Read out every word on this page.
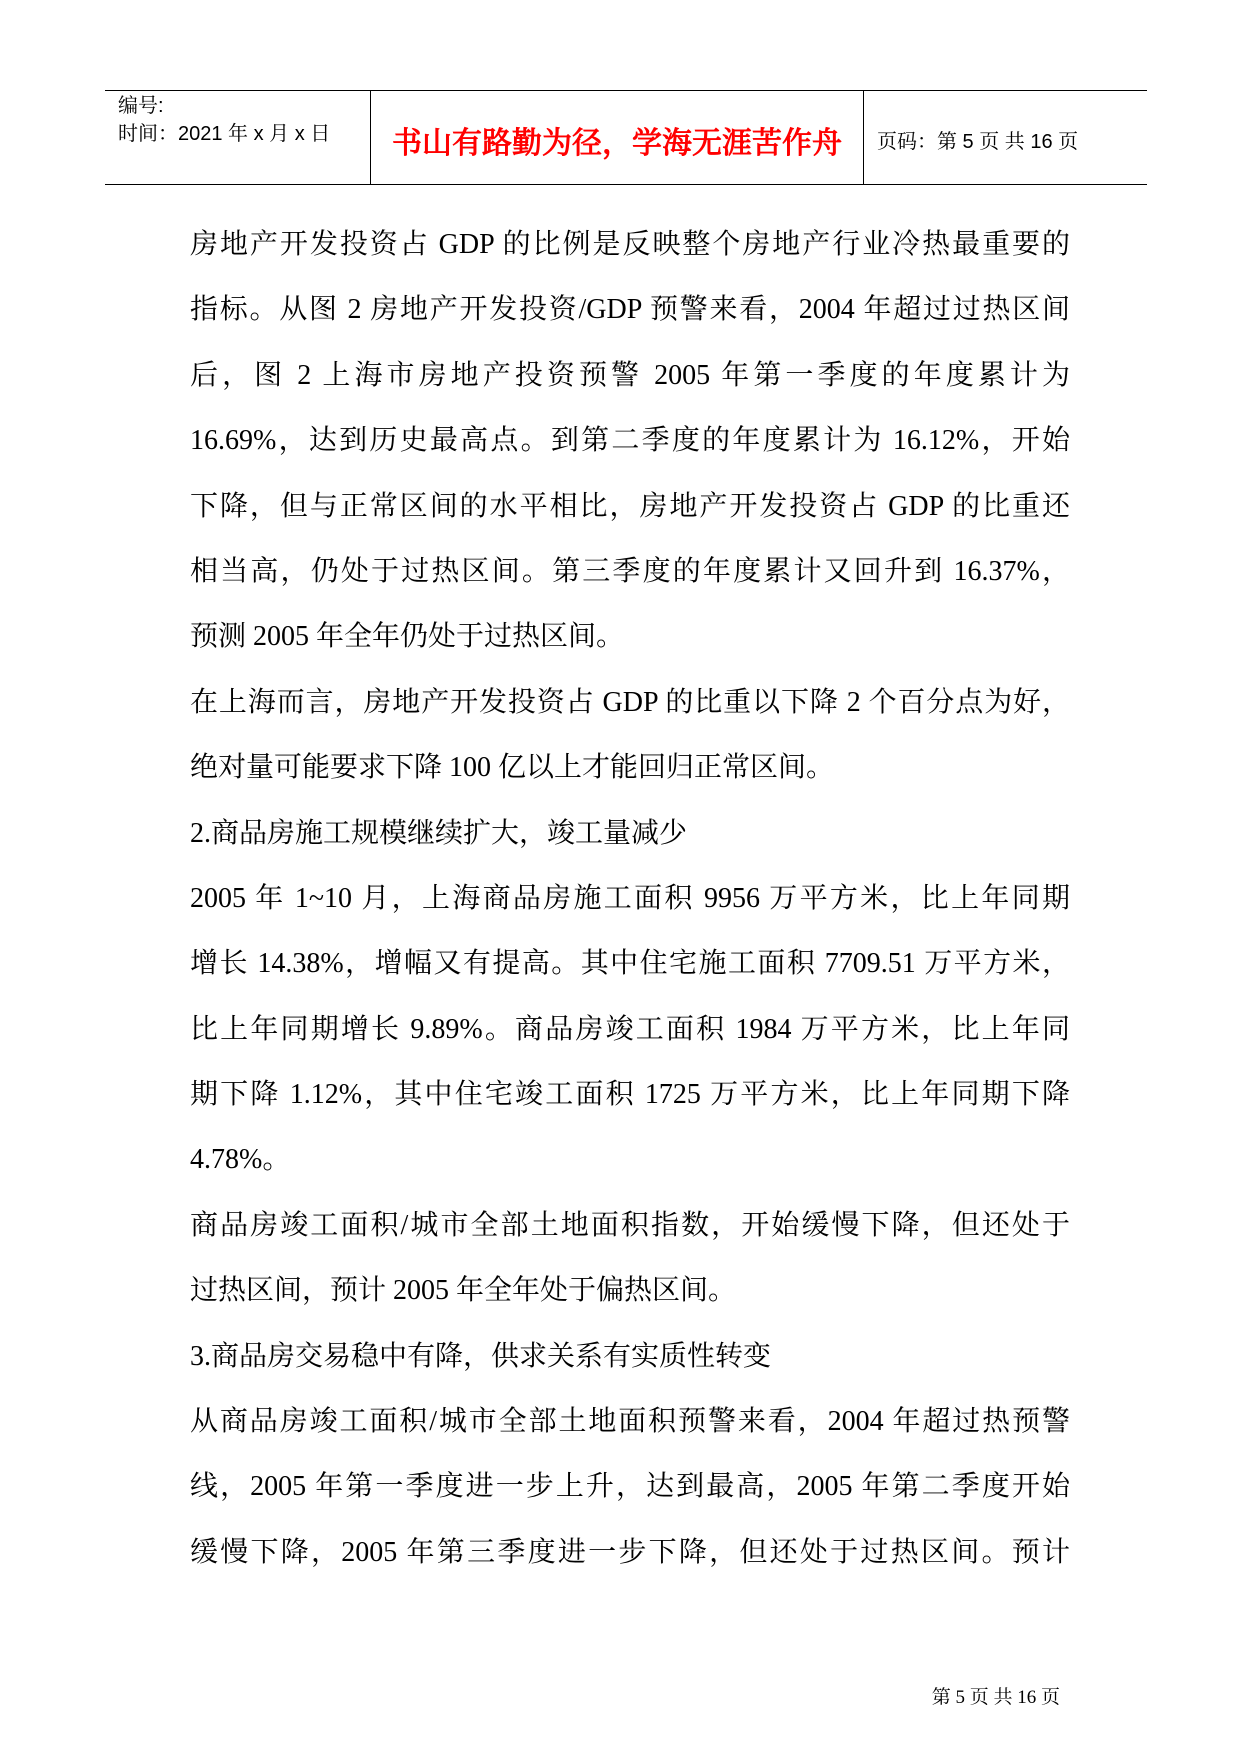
编号:
时间：2021 年 x 月 x 日 书山有路勤为径，学海无涯苦作舟 页码：第 5 页 共 16 页
房地产开发投资占 GDP 的比例是反映整个房地产行业冷热最重要的
指标。从图 2 房地产开发投资/GDP 预警来看，2004 年超过过热区间
后，图 2 上海市房地产投资预警 2005 年第一季度的年度累计为
16.69%，达到历史最高点。到第二季度的年度累计为 16.12%，开始
下降，但与正常区间的水平相比，房地产开发投资占 GDP 的比重还
相当高，仍处于过热区间。第三季度的年度累计又回升到 16.37%，
预测 2005 年全年仍处于过热区间。
在上海而言，房地产开发投资占 GDP 的比重以下降 2 个百分点为好，
绝对量可能要求下降 100 亿以上才能回归正常区间。
2.商品房施工规模继续扩大，竣工量减少
2005 年 1~10 月，上海商品房施工面积 9956 万平方米，比上年同期
增长 14.38%，增幅又有提高。其中住宅施工面积 7709.51 万平方米，
比上年同期增长 9.89%。商品房竣工面积 1984 万平方米，比上年同
期下降 1.12%，其中住宅竣工面积 1725 万平方米，比上年同期下降
4.78%。
商品房竣工面积/城市全部土地面积指数，开始缓慢下降，但还处于
过热区间，预计 2005 年全年处于偏热区间。
3.商品房交易稳中有降，供求关系有实质性转变
从商品房竣工面积/城市全部土地面积预警来看，2004 年超过热预警
线，2005 年第一季度进一步上升，达到最高，2005 年第二季度开始
缓慢下降，2005 年第三季度进一步下降，但还处于过热区间。预计
第 5 页 共 16 页
